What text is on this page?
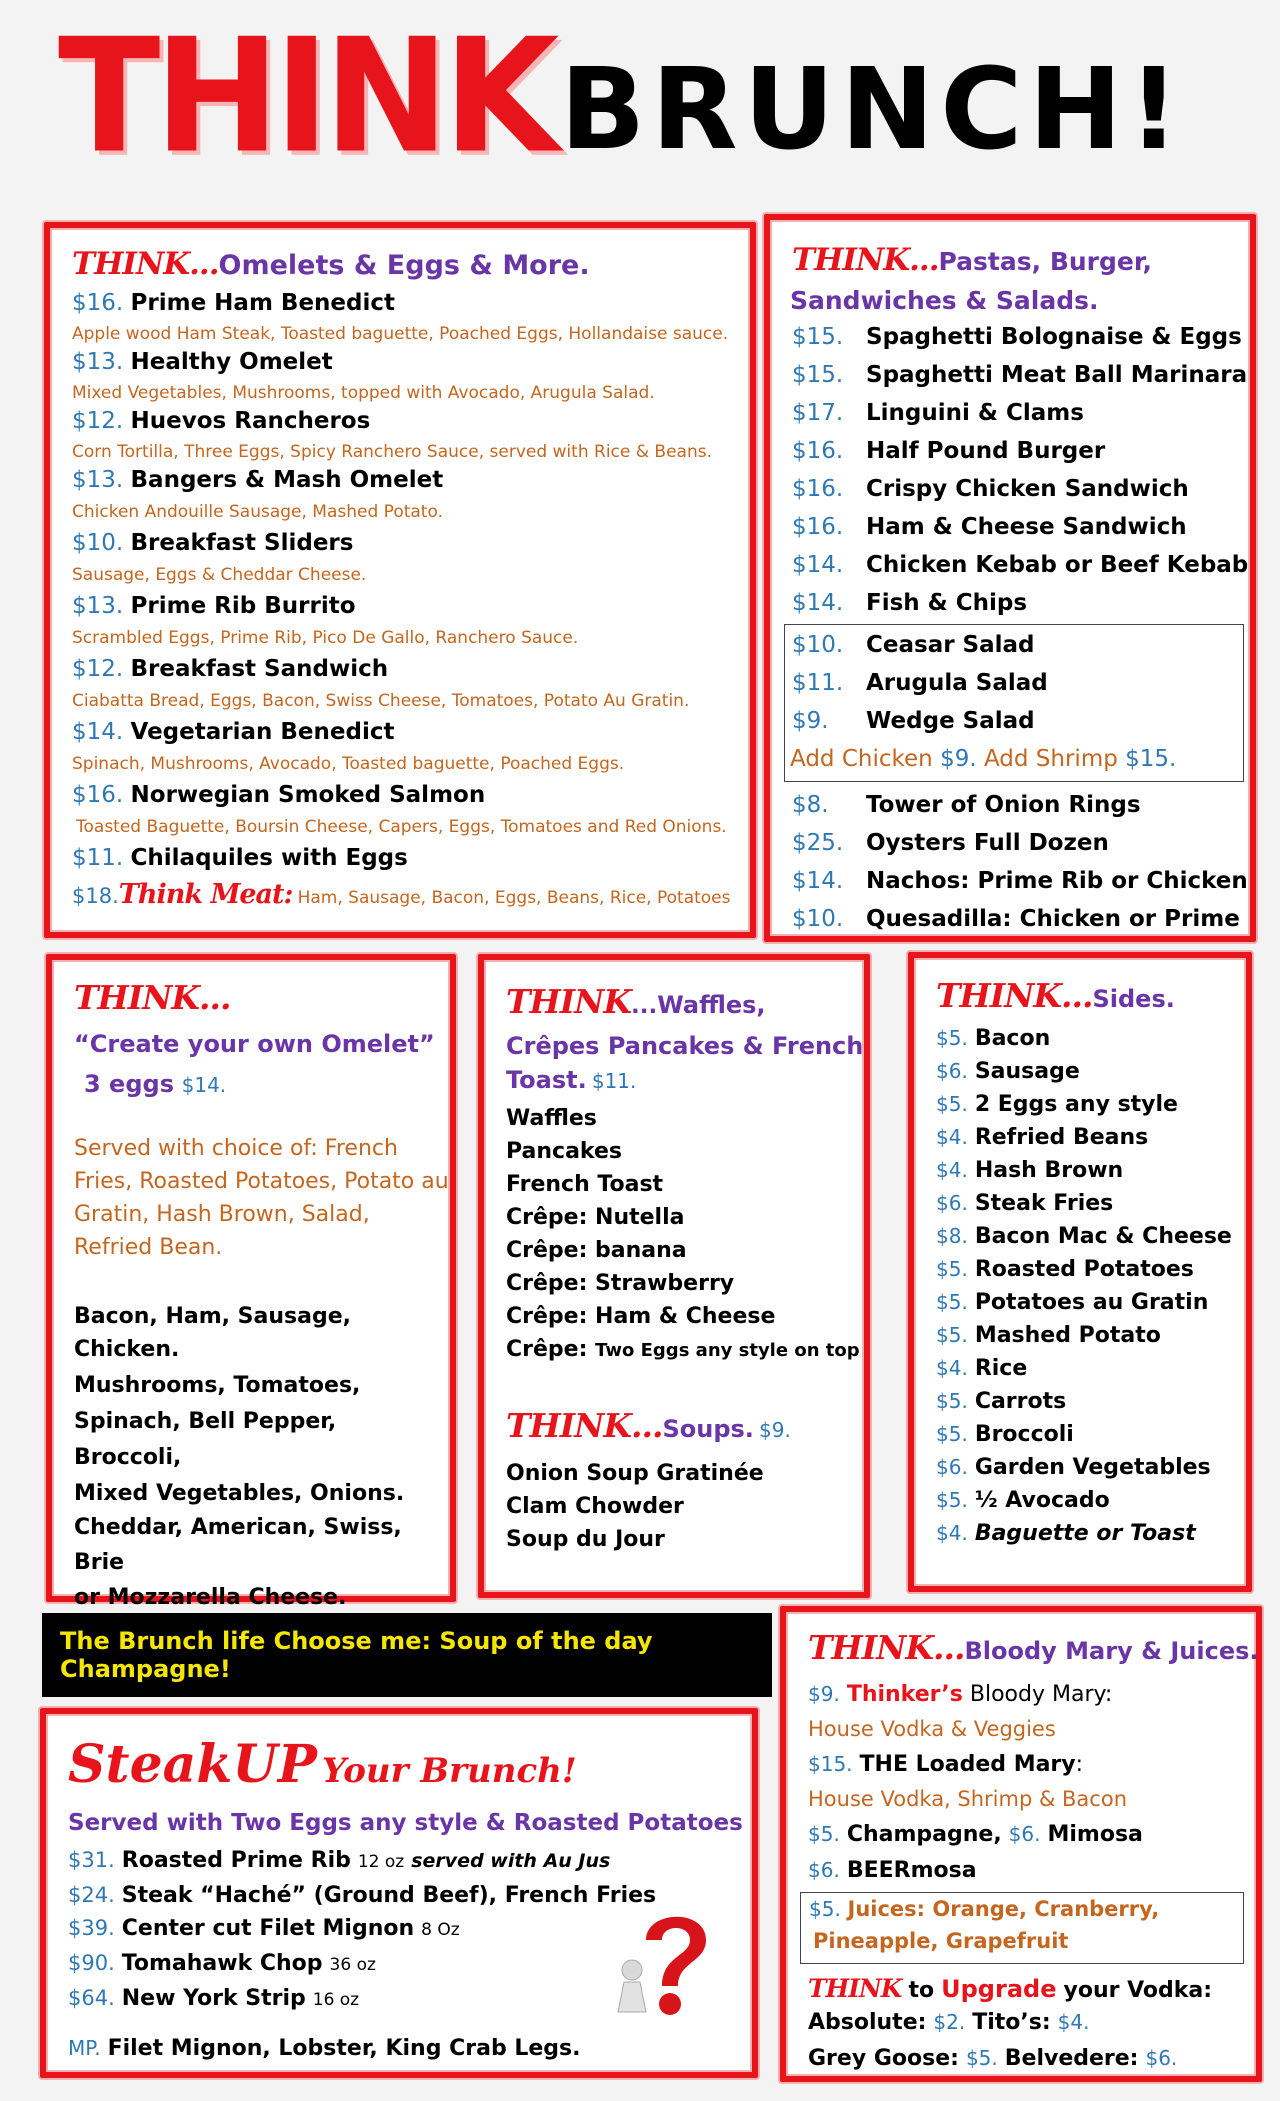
THINK BRUNCH!
THINK...Omelets & Eggs & More.
$16. Prime Ham Benedict
Apple wood Ham Steak, Toasted baguette, Poached Eggs, Hollandaise sauce.
$13. Healthy Omelet
Mixed Vegetables, Mushrooms, topped with Avocado, Arugula Salad.
$12. Huevos Rancheros
Corn Tortilla, Three Eggs, Spicy Ranchero Sauce, served with Rice & Beans.
$13. Bangers & Mash Omelet
Chicken Andouille Sausage, Mashed Potato.
$10. Breakfast Sliders
Sausage, Eggs & Cheddar Cheese.
$13. Prime Rib Burrito
Scrambled Eggs, Prime Rib, Pico De Gallo, Ranchero Sauce.
$12. Breakfast Sandwich
Ciabatta Bread, Eggs, Bacon, Swiss Cheese, Tomatoes, Potato Au Gratin.
$14. Vegetarian Benedict
Spinach, Mushrooms, Avocado, Toasted baguette, Poached Eggs.
$16. Norwegian Smoked Salmon
Toasted Baguette, Boursin Cheese, Capers, Eggs, Tomatoes and Red Onions.
$11. Chilaquiles with Eggs
$18.Think Meat: Ham, Sausage, Bacon, Eggs, Beans, Rice, Potatoes
THINK...Pastas, Burger,
Sandwiches & Salads.
$15. Spaghetti Bolognaise & Eggs
$15. Spaghetti Meat Ball Marinara
$17. Linguini & Clams
$16. Half Pound Burger
$16. Crispy Chicken Sandwich
$16. Ham & Cheese Sandwich
$14. Chicken Kebab or Beef Kebab
$14. Fish & Chips
$10. Ceasar Salad
$11. Arugula Salad
$9. Wedge Salad
Add Chicken $9. Add Shrimp $15.
$8. Tower of Onion Rings
$25. Oysters Full Dozen
$14. Nachos: Prime Rib or Chicken
$10. Quesadilla: Chicken or Prime
THINK...
“Create your own Omelet”
3 eggs $14.
Served with choice of: French
Fries, Roasted Potatoes, Potato au
Gratin, Hash Brown, Salad,
Refried Bean.
Bacon, Ham, Sausage, Chicken.
Mushrooms, Tomatoes,
Spinach, Bell Pepper, Broccoli,
Mixed Vegetables, Onions.
Cheddar, American, Swiss, Brie
or Mozzarella Cheese.
THINK...Waffles,
Crêpes Pancakes & French
Toast. $11.
Waffles
Pancakes
French Toast
Crêpe: Nutella
Crêpe: banana
Crêpe: Strawberry
Crêpe: Ham & Cheese
Crêpe: Two Eggs any style on top
THINK...Soups. $9.
Onion Soup Gratinée
Clam Chowder
Soup du Jour
THINK...Sides.
$5. Bacon
$6. Sausage
$5. 2 Eggs any style
$4. Refried Beans
$4. Hash Brown
$6. Steak Fries
$8. Bacon Mac & Cheese
$5. Roasted Potatoes
$5. Potatoes au Gratin
$5. Mashed Potato
$4. Rice
$5. Carrots
$5. Broccoli
$6. Garden Vegetables
$5. ½ Avocado
$4. Baguette or Toast
The Brunch life Choose me: Soup of the day Champagne!
SteakUP Your Brunch!
Served with Two Eggs any style & Roasted Potatoes
$31. Roasted Prime Rib 12 oz served with Au Jus
$24. Steak “Haché” (Ground Beef), French Fries
$39. Center cut Filet Mignon 8 Oz
$90. Tomahawk Chop 36 oz
$64. New York Strip 16 oz
MP. Filet Mignon, Lobster, King Crab Legs.
THINK...Bloody Mary & Juices.
$9. Thinker’s Bloody Mary:
House Vodka & Veggies
$15. THE Loaded Mary:
House Vodka, Shrimp & Bacon
$5. Champagne, $6. Mimosa
$6. BEERmosa
$5. Juices: Orange, Cranberry,
Pineapple, Grapefruit
THINK to Upgrade your Vodka:
Absolute: $2. Tito’s: $4.
Grey Goose: $5. Belvedere: $6.
